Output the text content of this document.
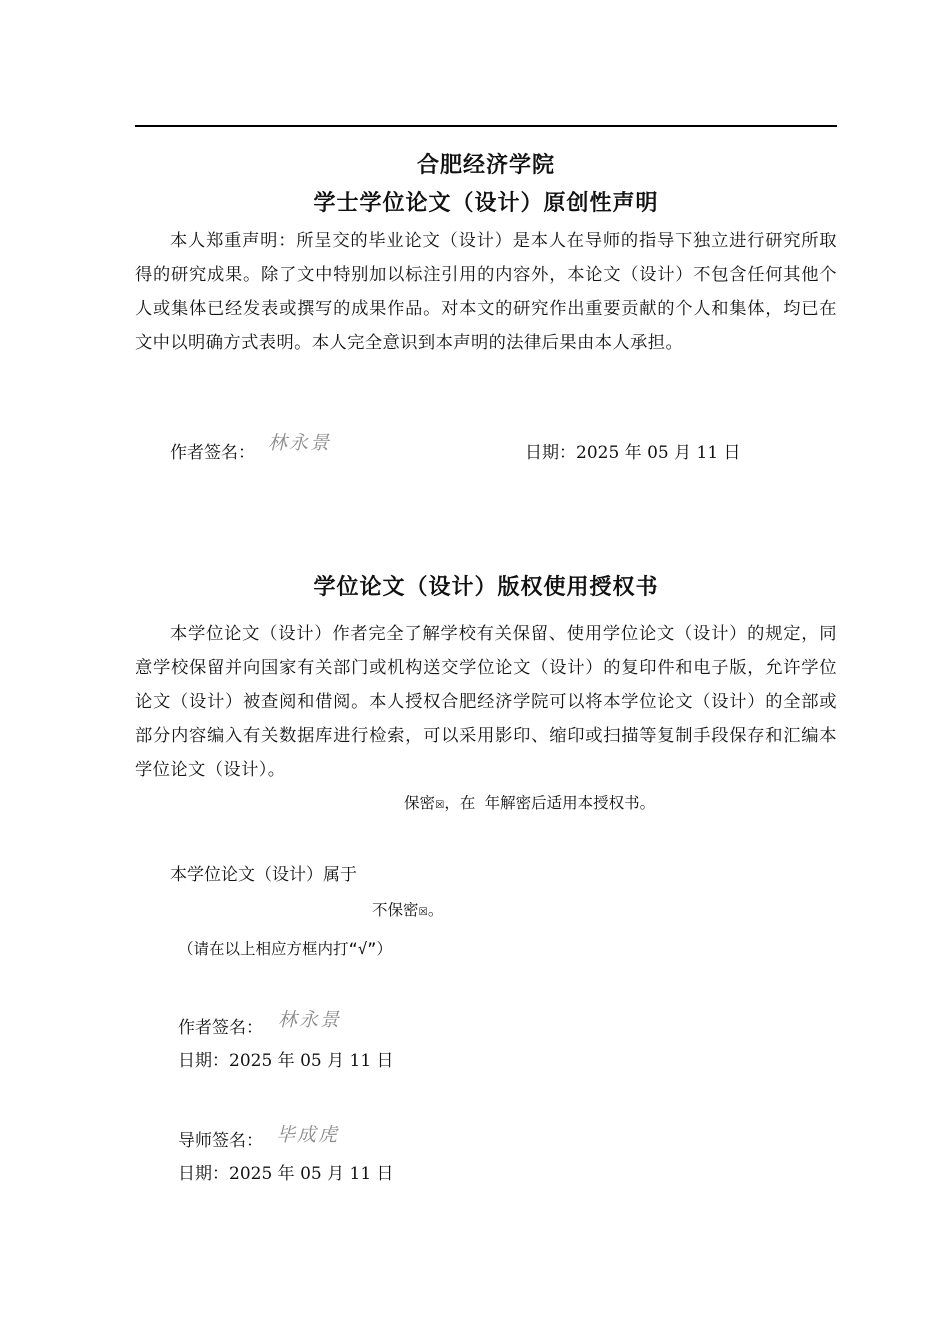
合肥经济学院
学士学位论文（设计）原创性声明
本人郑重声明：所呈交的毕业论文（设计）是本人在导师的指导下独立进行研究所取得的研究成果。除了文中特别加以标注引用的内容外，本论文（设计）不包含任何其他个人或集体已经发表或撰写的成果作品。对本文的研究作出重要贡献的个人和集体，均已在文中以明确方式表明。本人完全意识到本声明的法律后果由本人承担。
作者签名： 林永景	日期：2025 年 05 月 11 日
学位论文（设计）版权使用授权书
本学位论文（设计）作者完全了解学校有关保留、使用学位论文（设计）的规定，同意学校保留并向国家有关部门或机构送交学位论文（设计）的复印件和电子版，允许学位论文（设计）被查阅和借阅。本人授权合肥经济学院可以将本学位论文（设计）的全部或部分内容编入有关数据库进行检索，可以采用影印、缩印或扫描等复制手段保存和汇编本学位论文（设计）。
保密☒，在 年解密后适用本授权书。
本学位论文（设计）属于
不保密☒。
（请在以上相应方框内打“√”）
作者签名： 林永景
日期：2025 年 05 月 11 日
导师签名： 毕成虎
日期：2025 年 05 月 11 日
